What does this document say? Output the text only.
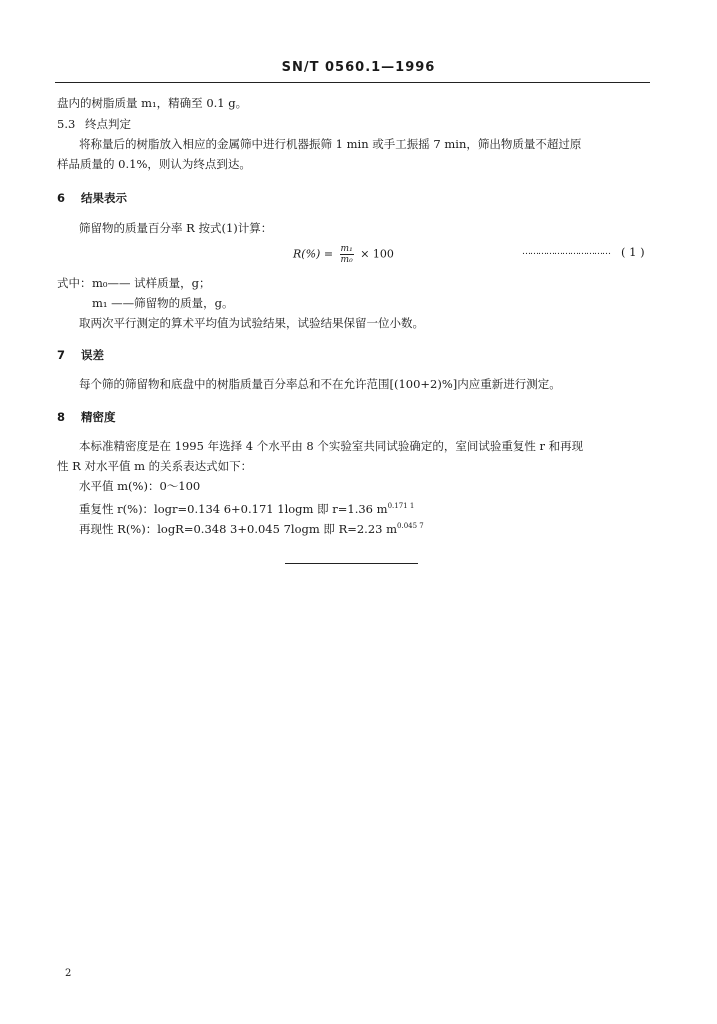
SN/T 0560.1—1996
盘内的树脂质量 m₁，精确至 0.1 g。
5.3 终点判定
将称量后的树脂放入相应的金属筛中进行机器振筛 1 min 或手工振摇 7 min，筛出物质量不超过原
样品质量的 0.1%，则认为终点到达。
6 结果表示
筛留物的质量百分率 R 按式(1)计算：
$R(\%) = \frac{\text{m₁}}{\text{m₀}} \times 100$	…………………………… ( 1 )
式中： m₀—— 试样质量，g；
m₁ ——筛留物的质量，g。
取两次平行测定的算术平均值为试验结果，试验结果保留一位小数。
7 误差
每个筛的筛留物和底盘中的树脂质量百分率总和不在允许范围[(100+2)%]内应重新进行测定。
8 精密度
本标准精密度是在 1995 年选择 4 个水平由 8 个实验室共同试验确定的，室间试验重复性 r 和再现
性 R 对水平值 m 的关系表达式如下：
水平值 m(%)：0～100
重复性 r(%)：logr=0.134 6+0.171 1logm 即 r=1.36 $m^{0.171 1}$
再现性 R(%)：logR=0.348 3+0.045 7logm 即 R=2.23 $m^{0.045 7}$
2
